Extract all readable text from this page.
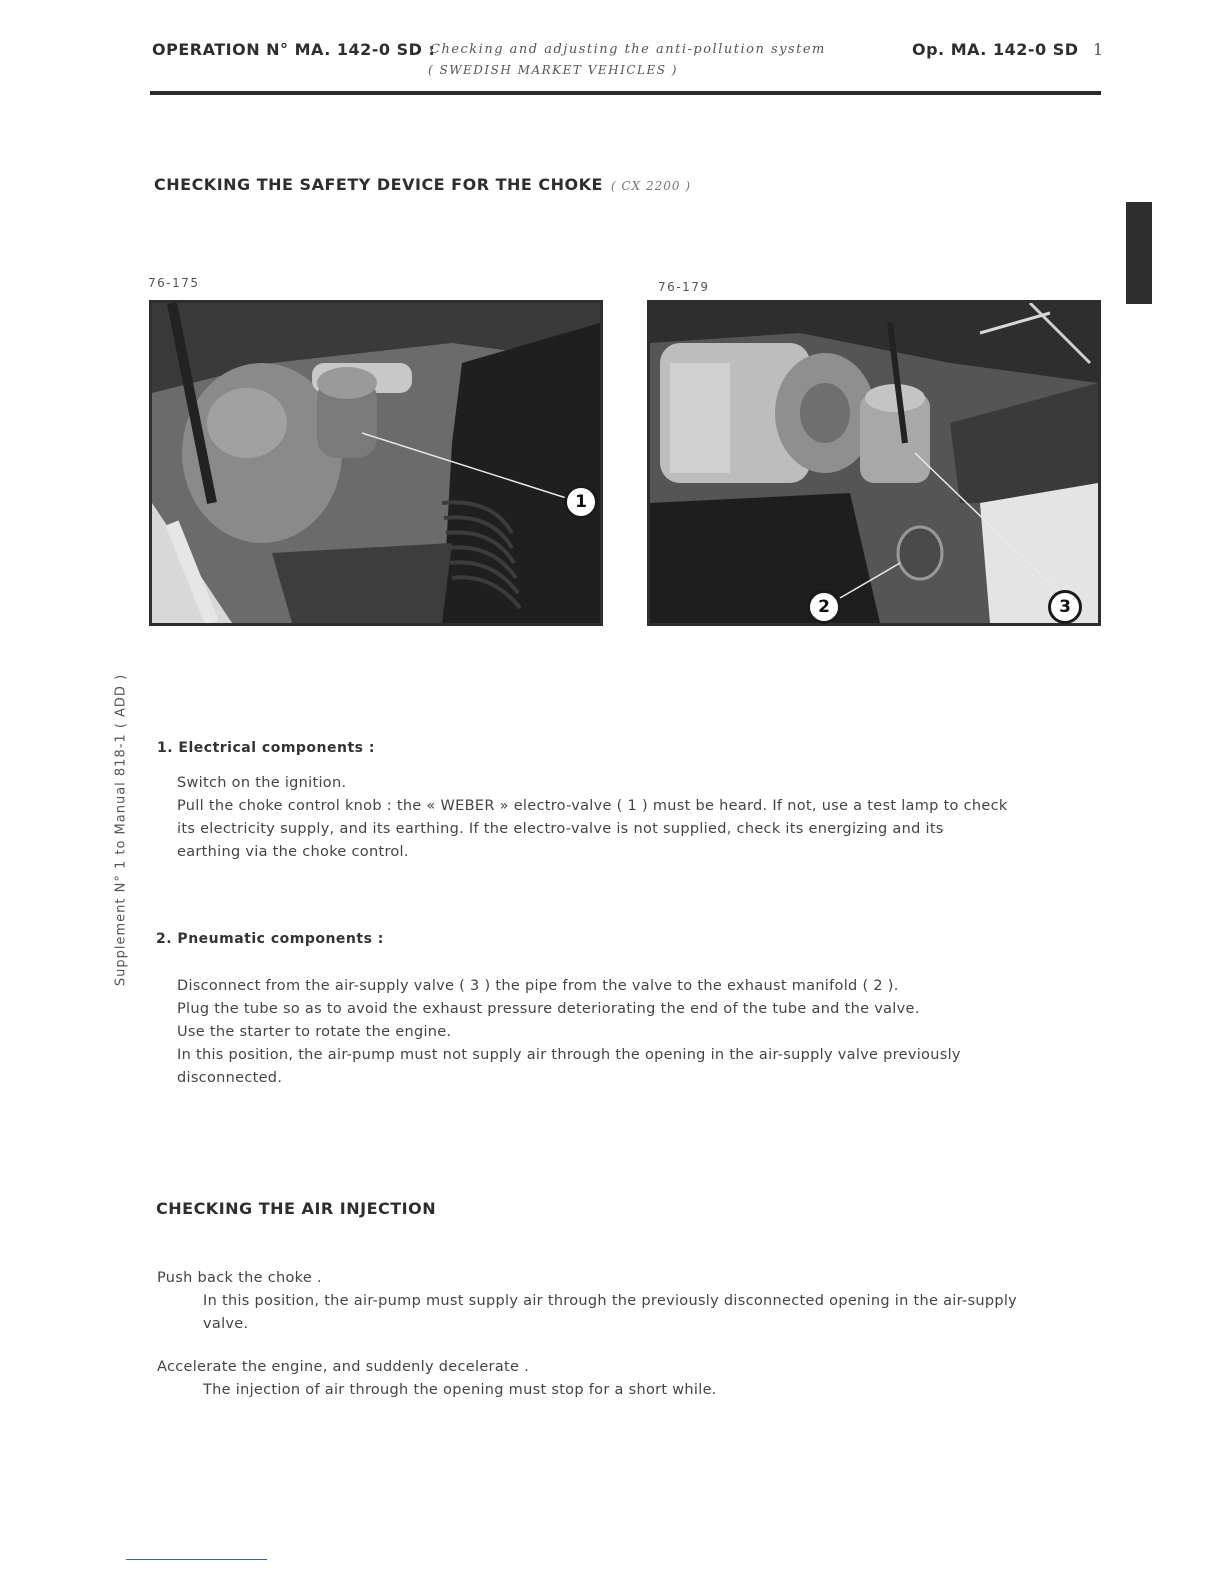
OPERATION N° MA. 142-0 SD :
Checking and adjusting the anti-pollution system
( SWEDISH MARKET VEHICLES )
Op. MA. 142-0 SD 1
Supplement N° 1 to Manual 818-1 ( ADD )
CHECKING THE SAFETY DEVICE FOR THE CHOKE ( CX 2200 )
76-175
1
76-179
2	3
1. Electrical components :
Switch on the ignition.
Pull the choke control knob : the « WEBER » electro-valve ( 1 ) must be heard. If not, use a test lamp to check
its electricity supply, and its earthing. If the electro-valve is not supplied, check its energizing and its
earthing via the choke control.
2. Pneumatic components :
Disconnect from the air-supply valve ( 3 ) the pipe from the valve to the exhaust manifold ( 2 ).
Plug the tube so as to avoid the exhaust pressure deteriorating the end of the tube and the valve.
Use the starter to rotate the engine.
In this position, the air-pump must not supply air through the opening in the air-supply valve previously
disconnected.
CHECKING THE AIR INJECTION
Push back the choke .
In this position, the air-pump must supply air through the previously disconnected opening in the air-supply
valve.
Accelerate the engine, and suddenly decelerate .
The injection of air through the opening must stop for a short while.
